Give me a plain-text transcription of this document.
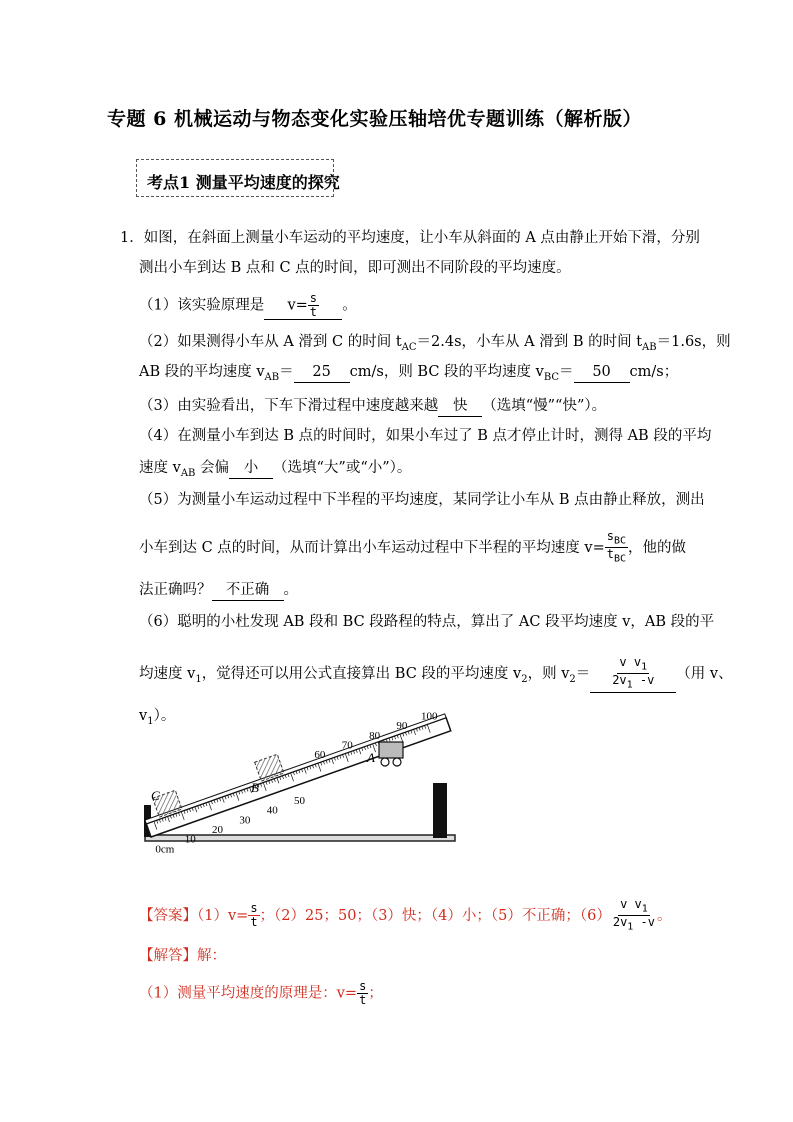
专题 6 机械运动与物态变化实验压轴培优专题训练（解析版）
考点1 测量平均速度的探究
1．如图，在斜面上测量小车运动的平均速度，让小车从斜面的 A 点由静止开始下滑，分别
测出小车到达 B 点和 C 点的时间，即可测出不同阶段的平均速度。
（1）该实验原理是 $v= \frac{s}{t}$ 。
（2）如果测得小车从 A 滑到 C 的时间 $t_{AC}=2.4s$，小车从 A 滑到 B 的时间 $t_{AB}=1.6s$，则
AB 段的平均速度 $v_{AB}= 25$ cm/s，则 BC 段的平均速度 $v_{BC}= 50$ cm/s；
（3）由实验看出，下车下滑过程中速度越来越 快 （选填“慢”“快”）。
（4）在测量小车到达 B 点的时间时，如果小车过了 B 点才停止计时，测得 AB 段的平均
速度 $v_{AB}$ 会偏 小 （选填“大”或“小”）。
（5）为测量小车运动过程中下半程的平均速度，某同学让小车从 B 点由静止释放，测出
小车到达 C 点的时间，从而计算出小车运动过程中下半程的平均速度 $v= \frac{s_{BC}}{t_{BC}}$ ，他的做
法正确吗？ 不正确 。
（6）聪明的小杜发现 AB 段和 BC 段路程的特点，算出了 AC 段平均速度 v，AB 段的平
均速度 $v_1$，觉得还可以用公式直接算出 BC 段的平均速度 $v_2$，则 $v_2= \frac{v v_1}{2v_1 -v}$ （用 v、
$v_1$）。
C
B
A
0cm
10
20
30
40
50
60
70
80
90
100
【答案】$(1)v= \frac{s}{t}$ ；（2）25；50；（3）快；（4）小；（5）不正确；$(6) \frac{v v_1}{2v_1 -v}$ 。
【解答】解：
（1）测量平均速度的原理是：$v= \frac{s}{t}$ ；
